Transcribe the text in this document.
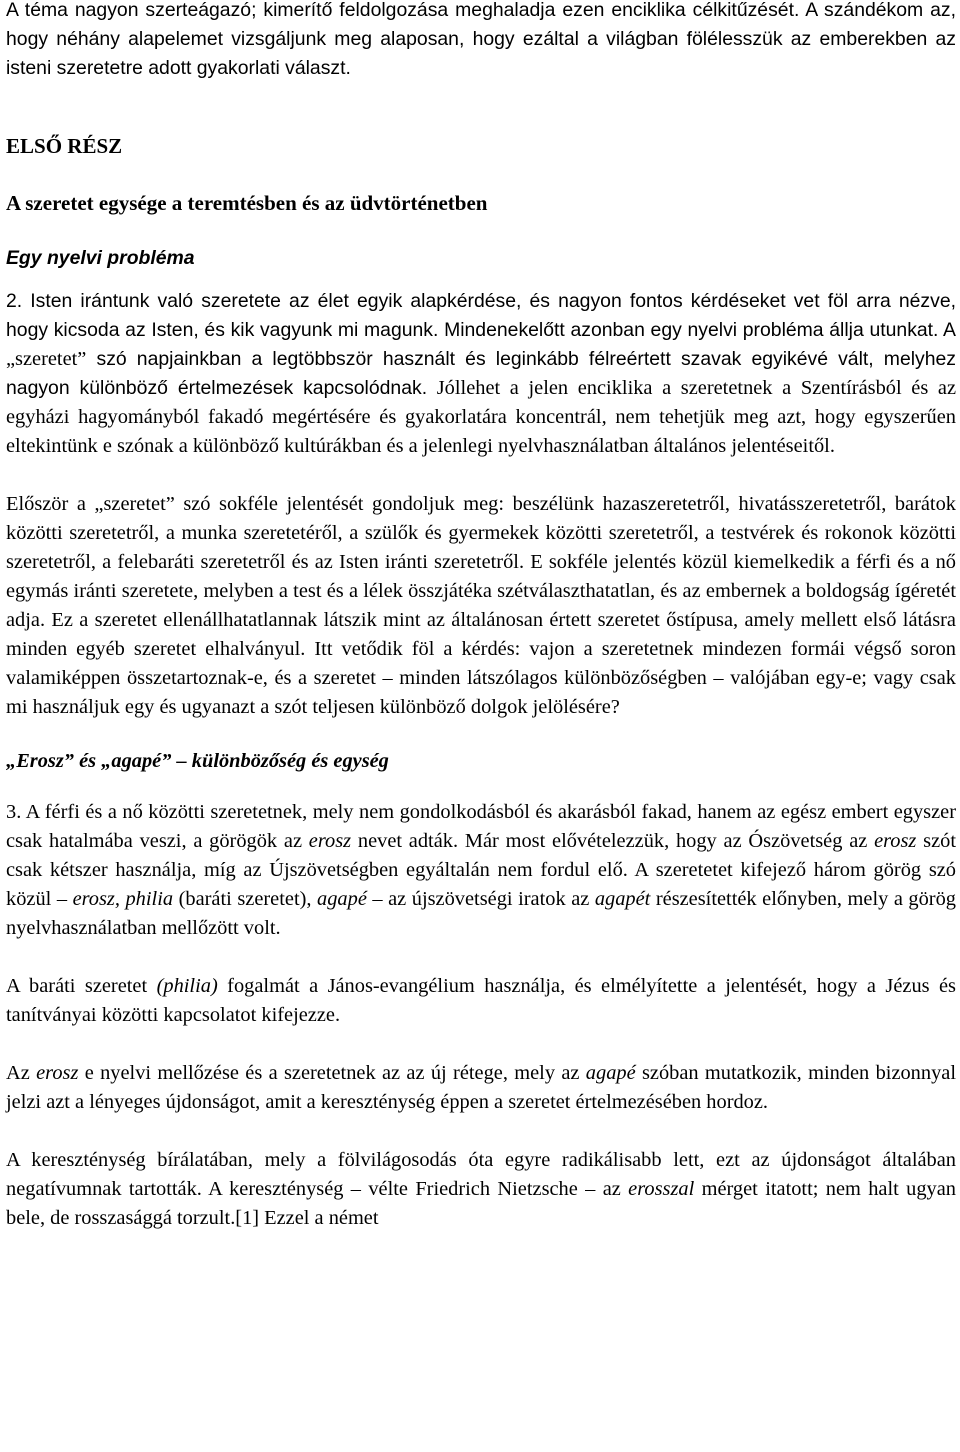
A téma nagyon szerteágazó; kimerítő feldolgozása meghaladja ezen enciklika célkitűzését. A szándékom az, hogy néhány alapelemet vizsgáljunk meg alaposan, hogy ezáltal a világban fölélesszük az emberekben az isteni szeretetre adott gyakorlati választ.

ELSŐ RÉSZ
A szeretet egysége a teremtésben és az üdvtörténetben
Egy nyelvi probléma

2. Isten irántunk való szeretete az élet egyik alapkérdése, és nagyon fontos kérdéseket vet föl arra nézve, hogy kicsoda az Isten, és kik vagyunk mi magunk. Mindenekelőtt azonban egy nyelvi probléma állja utunkat. A „szeretet” szó napjainkban a legtöbbször használt és leginkább félreértett szavak egyikévé vált, melyhez nagyon különböző értelmezések kapcsolódnak. Jóllehet a jelen enciklika a szeretetnek a Szentírásból és az egyházi hagyományból fakadó megértésére és gyakorlatára koncentrál, nem tehetjük meg azt, hogy egyszerűen eltekintünk e szónak a különböző kultúrákban és a jelenlegi nyelvhasználatban általános jelentéseitől.

Először a „szeretet” szó sokféle jelentését gondoljuk meg: beszélünk hazaszeretetről, hivatásszeretetről, barátok közötti szeretetről, a munka szeretetéről, a szülők és gyermekek közötti szeretetről, a testvérek és rokonok közötti szeretetről, a felebaráti szeretetről és az Isten iránti szeretetről. E sokféle jelentés közül kiemelkedik a férfi és a nő egymás iránti szeretete, melyben a test és a lélek összjátéka szétválaszthatatlan, és az embernek a boldogság ígéretét adja. Ez a szeretet ellenállhatatlannak látszik mint az általánosan értett szeretet őstípusa, amely mellett első látásra minden egyéb szeretet elhalványul. Itt vetődik föl a kérdés: vajon a szeretetnek mindezen formái végső soron valamiképpen összetartoznak-e, és a szeretet – minden látszólagos különbözőségben – valójában egy-e; vagy csak mi használjuk egy és ugyanazt a szót teljesen különböző dolgok jelölésére?

„Erosz” és „agapé” – különbözőség és egység

3. A férfi és a nő közötti szeretetnek, mely nem gondolkodásból és akarásból fakad, hanem az egész embert egyszer csak hatalmába veszi, a görögök az erosz nevet adták. Már most elővételezzük, hogy az Ószövetség az erosz szót csak kétszer használja, míg az Újszövetségben egyáltalán nem fordul elő. A szeretetet kifejező három görög szó közül – erosz, philia (baráti szeretet), agapé – az újszövetségi iratok az agapét részesítették előnyben, mely a görög nyelvhasználatban mellőzött volt.

A baráti szeretet (philia) fogalmát a János-evangélium használja, és elmélyítette a jelentését, hogy a Jézus és tanítványai közötti kapcsolatot kifejezze.

Az erosz e nyelvi mellőzése és a szeretetnek az az új rétege, mely az agapé szóban mutatkozik, minden bizonnyal jelzi azt a lényeges újdonságot, amit a kereszténység éppen a szeretet értelmezésében hordoz.

A kereszténység bírálatában, mely a fölvilágosodás óta egyre radikálisabb lett, ezt az újdonságot általában negatívumnak tartották. A kereszténység – vélte Friedrich Nietzsche – az erosszal mérget itatott; nem halt ugyan bele, de rosszasággá torzult.[1] Ezzel a német
